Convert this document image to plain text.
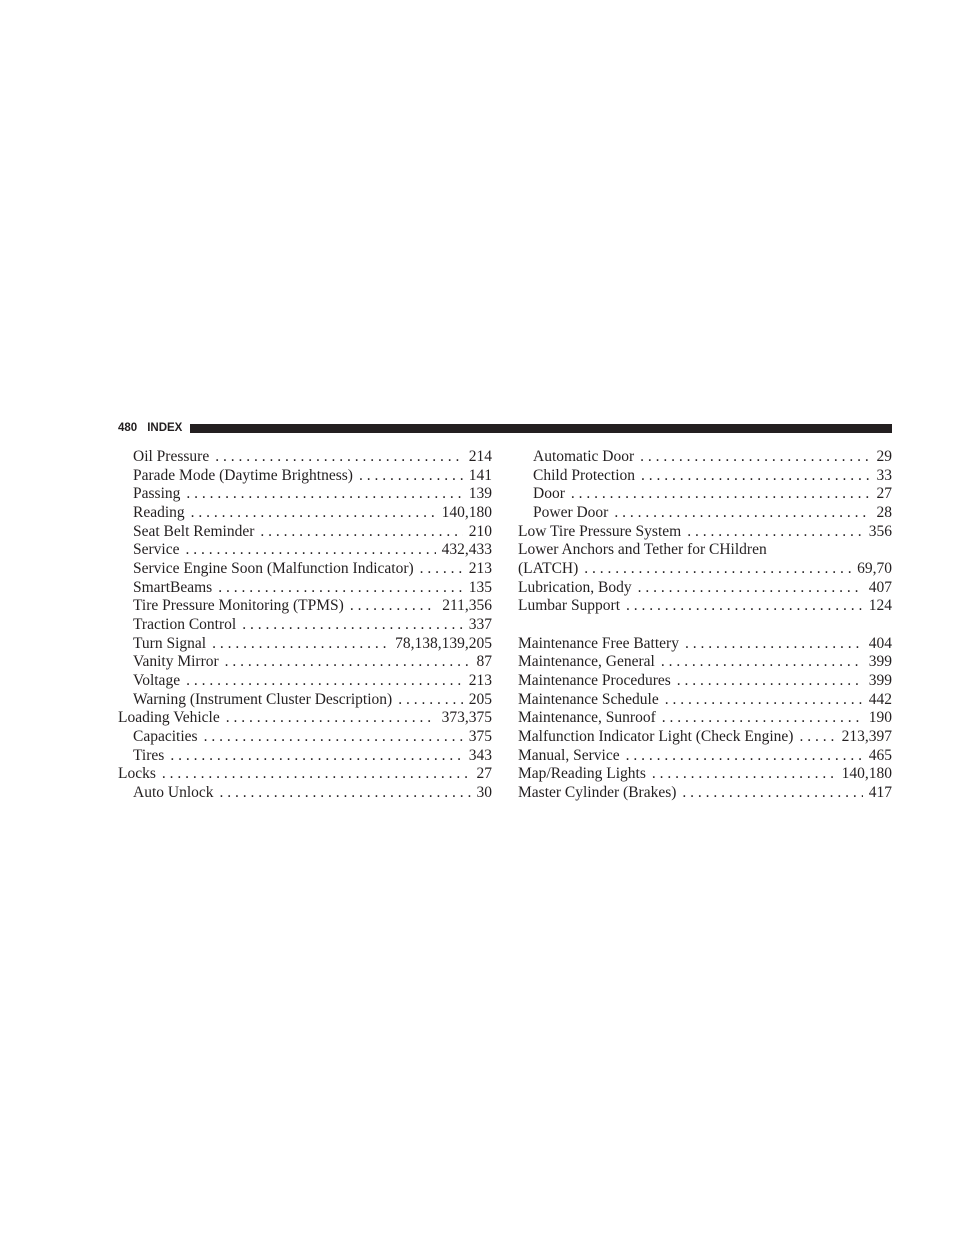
480 INDEX
Oil Pressure . . .	214
Parade Mode (Daytime Brightness) . . .	141
Passing . . .	139
Reading . . .	140,180
Seat Belt Reminder . . .	210
Service . . .	432,433
Service Engine Soon (Malfunction Indicator) . . .	213
SmartBeams . . .	135
Tire Pressure Monitoring (TPMS) . . .	211,356
Traction Control . . .	337
Turn Signal . . .	78,138,139,205
Vanity Mirror . . .	87
Voltage . . .	213
Warning (Instrument Cluster Description) . . .	205
Loading Vehicle . . .	373,375
Capacities . . .	375
Tires . . .	343
Locks . . .	27
Auto Unlock . . .	30
Automatic Door . . .	29
Child Protection . . .	33
Door . . .	27
Power Door . . .	28
Low Tire Pressure System . . .	356
Lower Anchors and Tether for CHildren
(LATCH) . . .	69,70
Lubrication, Body . . .	407
Lumbar Support . . .	124
Maintenance Free Battery . . .	404
Maintenance, General . . .	399
Maintenance Procedures . . .	399
Maintenance Schedule . . .	442
Maintenance, Sunroof . . .	190
Malfunction Indicator Light (Check Engine) . . .	213,397
Manual, Service . . .	465
Map/Reading Lights . . .	140,180
Master Cylinder (Brakes) . . .	417
